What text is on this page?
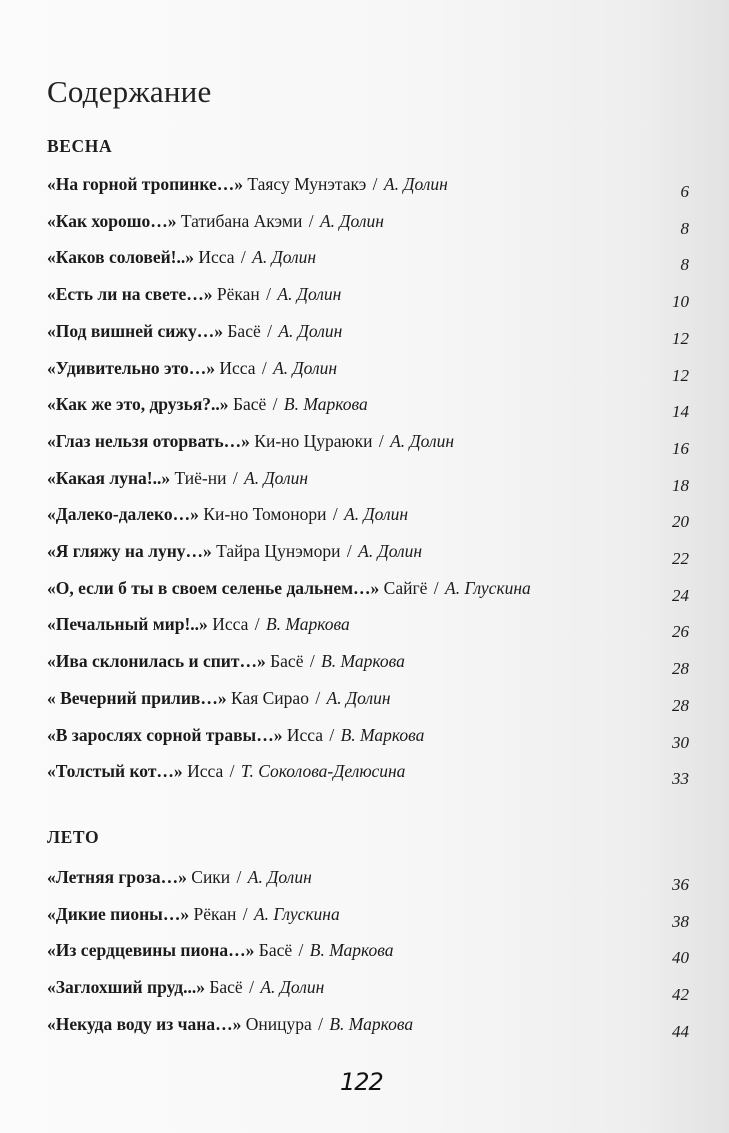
Содержание
ВЕСНА
ЛЕТО
«На горной тропинке…» Таясу Мунэтакэ / А. Долин	6
«Как хорошо…» Татибана Акэми / А. Долин	8
«Каков соловей!..» Исса / А. Долин	8
«Есть ли на свете…» Рёкан / А. Долин	10
«Под вишней сижу…» Басё / А. Долин	12
«Удивительно это…» Исса / А. Долин	12
«Как же это, друзья?..» Басё / В. Маркова	14
«Глаз нельзя оторвать…» Ки-но Цураюки / А. Долин	16
«Какая луна!..» Тиё-ни / А. Долин	18
«Далеко-далеко…» Ки-но Томонори / А. Долин	20
«Я гляжу на луну…» Тайра Цунэмори / А. Долин	22
«О, если б ты в своем селенье дальнем…» Сайгё / А. Глускина	24
«Печальный мир!..» Исса / В. Маркова	26
«Ива склонилась и спит…» Басё / В. Маркова	28
« Вечерний прилив…» Кая Сирао / А. Долин	28
«В зарослях сорной травы…» Исса / В. Маркова	30
«Толстый кот…» Исса / Т. Соколова-Делюсина	33
«Летняя гроза…» Сики / А. Долин	36
«Дикие пионы…» Рёкан / А. Глускина	38
«Из сердцевины пиона…» Басё / В. Маркова	40
«Заглохший пруд...» Басё / А. Долин	42
«Некуда воду из чана…» Оницура / В. Маркова	44
122
